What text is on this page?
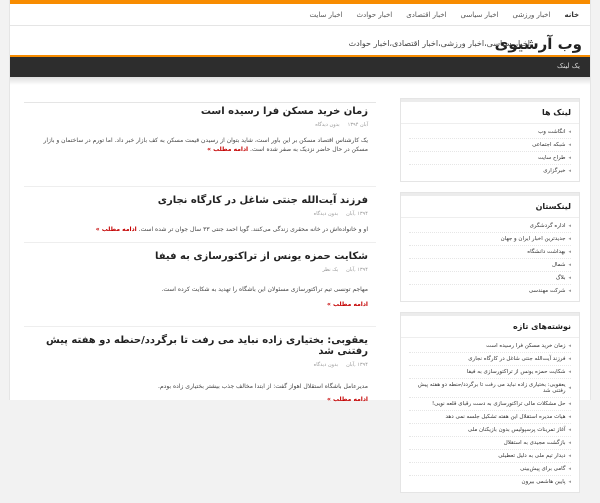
خانه
اخبار ورزشی
اخبار سیاسی
اخبار اقتصادی
اخبار حوادث
اخبار سایت
وب آرشیوی
اخبار سیاسی،اخبار ورزشی،اخبار اقتصادی،اخبار حوادث
یک لینک
زمان خرید مسکن فرا رسیده است
آبان ۱۳۹۴
بدون دیدگاه

یک کارشناس اقتصاد مسکن بر این باور است، شاید بتوان از رسیدن قیمت مسکن به کف بازار خبر داد. اما تورم در ساختمان و بازار مسکن در حال حاضر نزدیک به صفر شده است. ادامه مطلب »

فرزند آیت‌الله جنتی شاغل در کارگاه نجاری
۱۳۹۴ ,آبان
بدون دیدگاه

او و خانواده‌اش در خانه محقری زندگی می‌کنند. گویا احمد جنتی ۳۳ سال جوان تر شده است. ادامه مطلب »

شکایت حمزه یونس از تراکتورسازی به فیفا
۱۳۹۴ ,آبان
یک نظر

مهاجم تونسی تیم تراکتورسازی مسئولان این باشگاه را تهدید به شکایت کرده است.

ادامه مطلب »

یعقوبی: بختیاری زاده نباید می رفت تا برگردد/حنطه دو هفته پیش رفتنی شد
۱۳۹۴ ,آبان
بدون دیدگاه

مدیرعامل باشگاه استقلال اهواز گفت: از ابتدا مخالف جذب بیشتر بختیاری زاده بودم.

ادامه مطلب »

لینک ها
◂
انگاشت وب
◂
شبکه اجتماعی
◂
طراح سایت
◂
خبرگزاری
لینکستان
◂
اداره گردشگری
◂
جدیدترین اخبار ایران و جهان
◂
بهداشت دانشگاه
◂
شمال
◂
بلاگ
◂
شرکت مهندسی
نوشته‌های تازه
◂
زمان خرید مسکن فرا رسیده است
◂
فرزند آیت‌الله جنتی شاغل در کارگاه نجاری
◂
شکایت حمزه یونس از تراکتورسازی به فیفا
◂
یعقوبی: بختیاری زاده نباید می رفت تا برگردد/حنطه دو هفته پیش رفتنی شد
◂
حل مشکلات مالی تراکتورسازی به دست رقبای قلعه نویی!
◂
هیات مدیره استقلال این هفته تشکیل جلسه نمی دهد
◂
آغاز تمرینات پرسپولیس بدون بازیکنان ملی
◂
بازگشت مجیدی به استقلال
◂
دیدار تیم ملی به دلیل تعطیلی
◂
گامی برای پیش‌بینی
◂
پایین هاشمی بیرون
